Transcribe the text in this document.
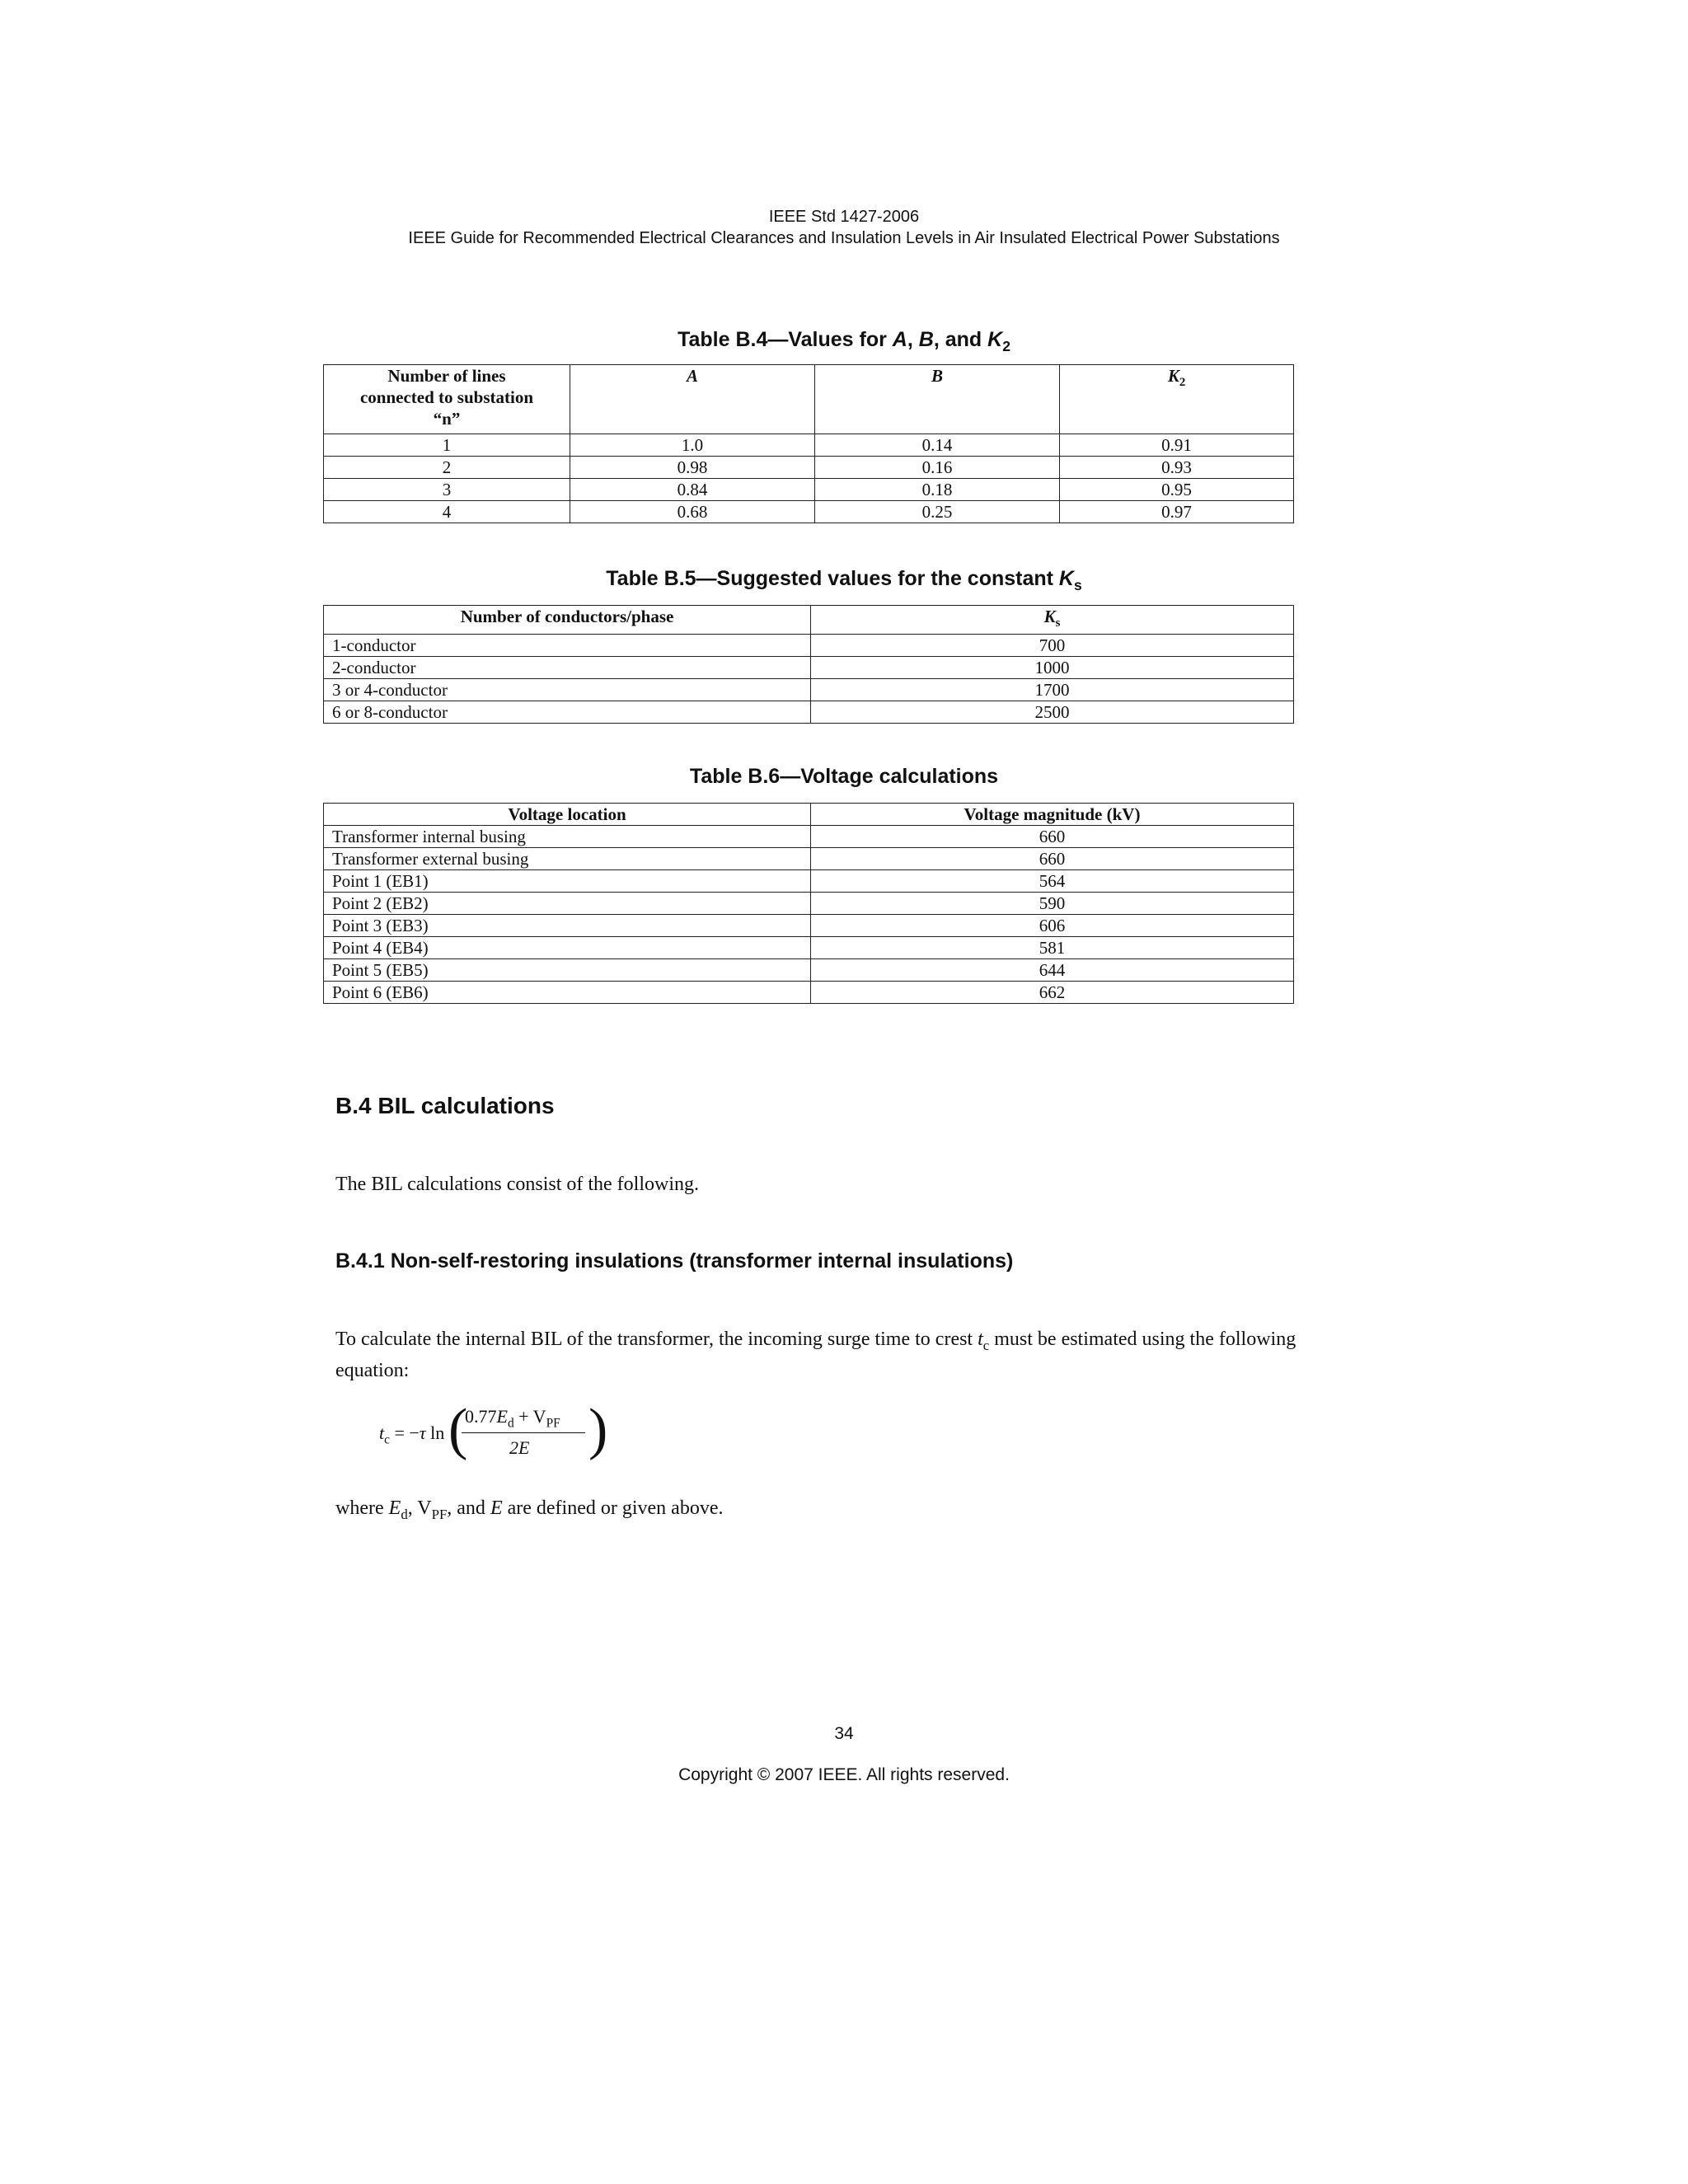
IEEE Std 1427-2006
IEEE Guide for Recommended Electrical Clearances and Insulation Levels in Air Insulated Electrical Power Substations
Table B.4—Values for A, B, and $K_2$
Number of lines
connected to substation
“n”	A	B	$K_2$
1	1.0	0.14	0.91
2	0.98	0.16	0.93
3	0.84	0.18	0.95
4	0.68	0.25	0.97
Table B.5—Suggested values for the constant $K_s$
Number of conductors/phase	$K_s$
1-conductor	700
2-conductor	1000
3 or 4-conductor	1700
6 or 8-conductor	2500
Table B.6—Voltage calculations
Voltage location	Voltage magnitude (kV)
Transformer internal busing	660
Transformer external busing	660
Point 1 (EB1)	564
Point 2 (EB2)	590
Point 3 (EB3)	606
Point 4 (EB4)	581
Point 5 (EB5)	644
Point 6 (EB6)	662
B.4 BIL calculations
The BIL calculations consist of the following.
B.4.1 Non-self-restoring insulations (transformer internal insulations)
To calculate the internal BIL of the transformer, the incoming surge time to crest $t_c$ must be estimated using the following equation:
$t_c = -\tau$ ln (
$0.77E_d + V_{PF}$
2E )
where $E_d$, $V_{PF}$, and E are defined or given above.
34
Copyright © 2007 IEEE. All rights reserved.
